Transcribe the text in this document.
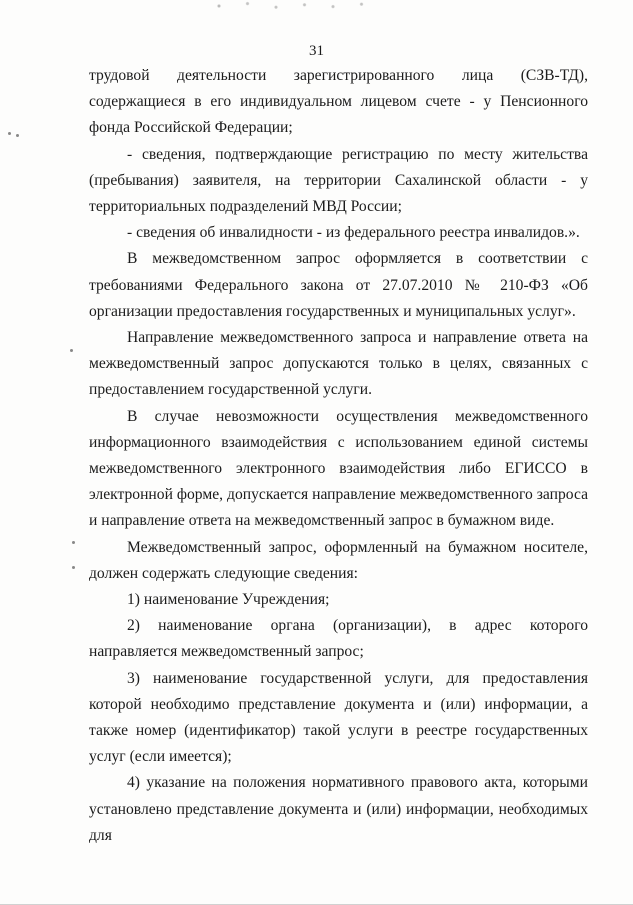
31

трудовой деятельности зарегистрированного лица (СЗВ-ТД), содержащиеся в его индивидуальном лицевом счете - у Пенсионного фонда Российской Федерации;

- сведения, подтверждающие регистрацию по месту жительства (пребывания) заявителя, на территории Сахалинской области - у территориальных подразделений МВД России;

- сведения об инвалидности - из федерального реестра инвалидов.».

В межведомственном запрос оформляется в соответствии с требованиями Федерального закона от 27.07.2010 № 210-ФЗ «Об организации предоставления государственных и муниципальных услуг».

Направление межведомственного запроса и направление ответа на межведомственный запрос допускаются только в целях, связанных с предоставлением государственной услуги.

В случае невозможности осуществления межведомственного информационного взаимодействия с использованием единой системы межведомственного электронного взаимодействия либо ЕГИССО в электронной форме, допускается направление межведомственного запроса и направление ответа на межведомственный запрос в бумажном виде.

Межведомственный запрос, оформленный на бумажном носителе, должен содержать следующие сведения:

1) наименование Учреждения;

2) наименование органа (организации), в адрес которого направляется межведомственный запрос;

3) наименование государственной услуги, для предоставления которой необходимо представление документа и (или) информации, а также номер (идентификатор) такой услуги в реестре государственных услуг (если имеется);

4) указание на положения нормативного правового акта, которыми установлено представление документа и (или) информации, необходимых для
